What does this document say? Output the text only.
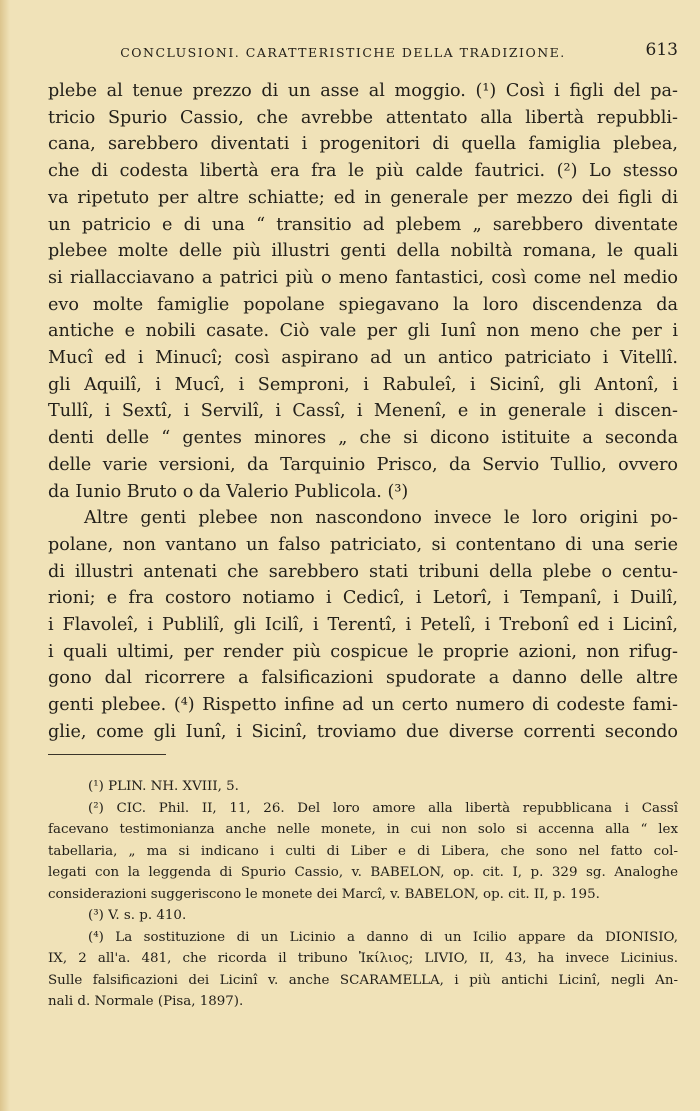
CONCLUSIONI. CARATTERISTICHE DELLA TRADIZIONE.	613

plebe al tenue prezzo di un asse al moggio. (¹) Così i figli del pa-
tricio Spurio Cassio, che avrebbe attentato alla libertà repubbli-
cana, sarebbero diventati i progenitori di quella famiglia plebea,
che di codesta libertà era fra le più calde fautrici. (²) Lo stesso
va ripetuto per altre schiatte; ed in generale per mezzo dei figli di
un patricio e di una “ transitio ad plebem „ sarebbero diventate
plebee molte delle più illustri genti della nobiltà romana, le quali
si riallacciavano a patrici più o meno fantastici, così come nel medio
evo molte famiglie popolane spiegavano la loro discendenza da
antiche e nobili casate. Ciò vale per gli Iunî non meno che per i
Mucî ed i Minucî; così aspirano ad un antico patriciato i Vitellî.
gli Aquilî, i Mucî, i Semproni, i Rabuleî, i Sicinî, gli Antonî, i
Tullî, i Sextî, i Servilî, i Cassî, i Menenî, e in generale i discen-
denti delle “ gentes minores „ che si dicono istituite a seconda
delle varie versioni, da Tarquinio Prisco, da Servio Tullio, ovvero
da Iunio Bruto o da Valerio Publicola. (³)

Altre genti plebee non nascondono invece le loro origini po-
polane, non vantano un falso patriciato, si contentano di una serie
di illustri antenati che sarebbero stati tribuni della plebe o centu-
rioni; e fra costoro notiamo i Cedicî, i Letorî, i Tempanî, i Duilî,
i Flavoleî, i Publilî, gli Icilî, i Terentî, i Petelî, i Trebonî ed i Licinî,
i quali ultimi, per render più cospicue le proprie azioni, non rifug-
gono dal ricorrere a falsificazioni spudorate a danno delle altre
genti plebee. (⁴) Rispetto infine ad un certo numero di codeste fami-
glie, come gli Iunî, i Sicinî, troviamo due diverse correnti secondo

(¹) PLIN. NH. XVIII, 5.
(²) CIC. Phil. II, 11, 26. Del loro amore alla libertà repubblicana i Cassî
facevano testimonianza anche nelle monete, in cui non solo si accenna alla “ lex
tabellaria, „ ma si indicano i culti di Liber e di Libera, che sono nel fatto col-
legati con la leggenda di Spurio Cassio, v. BABELON, op. cit. I, p. 329 sg. Analoghe
considerazioni suggeriscono le monete dei Marcî, v. BABELON, op. cit. II, p. 195.
(³) V. s. p. 410.
(⁴) La sostituzione di un Licinio a danno di un Icilio appare da DIONISIO,
IX, 2 all'a. 481, che ricorda il tribuno Ἰκίλιος; LIVIO, II, 43, ha invece Licinius.
Sulle falsificazioni dei Licinî v. anche SCARAMELLA, i più antichi Licinî, negli An-
nali d. Normale (Pisa, 1897).
